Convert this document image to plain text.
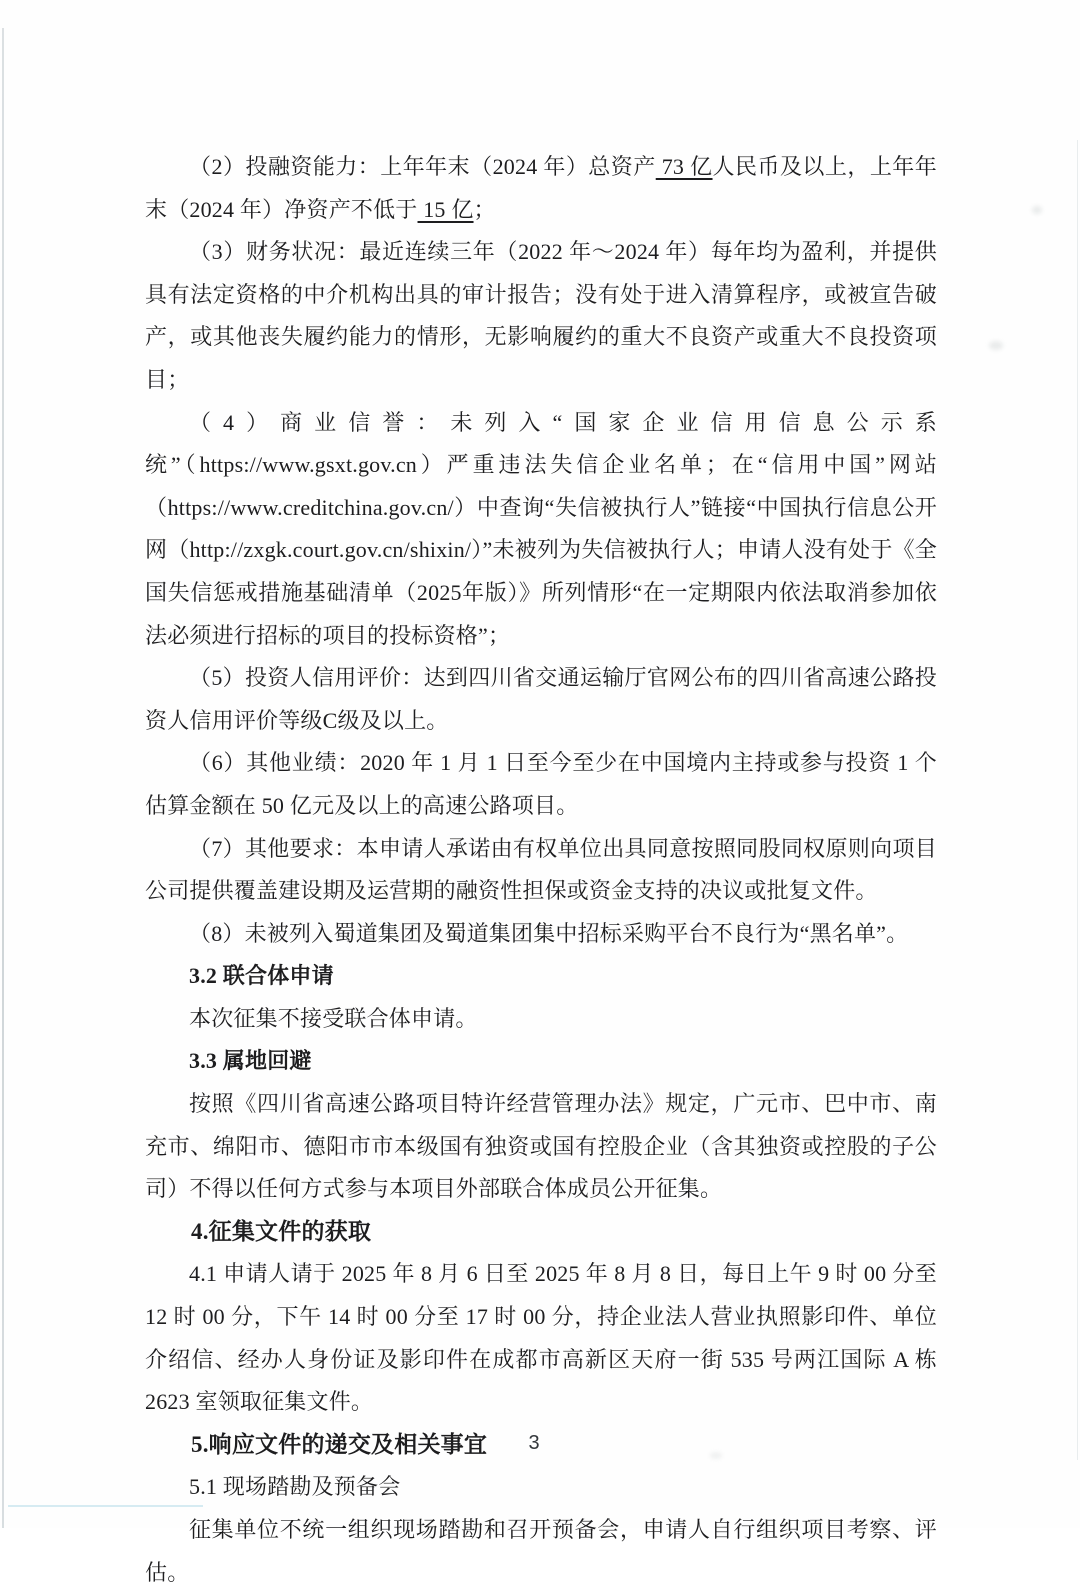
（2）投融资能力：上年年末（2024 年）总资产 73 亿人民币及以上，上年年末（2024 年）净资产不低于 15 亿；

（3）财务状况：最近连续三年（2022 年～2024 年）每年均为盈利，并提供具有法定资格的中介机构出具的审计报告；没有处于进入清算程序，或被宣告破产，或其他丧失履约能力的情形，无影响履约的重大不良资产或重大不良投资项目；

（4）商业信誉：未列入“国家企业信用信息公示系统”（https://www.gsxt.gov.cn）严重违法失信企业名单；在“信用中国”网站（https://www.creditchina.gov.cn/）中查询“失信被执行人”链接“中国执行信息公开网（http://zxgk.court.gov.cn/shixin/）”未被列为失信被执行人；申请人没有处于《全国失信惩戒措施基础清单（2025年版）》所列情形“在一定期限内依法取消参加依法必须进行招标的项目的投标资格”；

（5）投资人信用评价：达到四川省交通运输厅官网公布的四川省高速公路投资人信用评价等级C级及以上。

（6）其他业绩：2020 年 1 月 1 日至今至少在中国境内主持或参与投资 1 个估算金额在 50 亿元及以上的高速公路项目。

（7）其他要求：本申请人承诺由有权单位出具同意按照同股同权原则向项目公司提供覆盖建设期及运营期的融资性担保或资金支持的决议或批复文件。

（8）未被列入蜀道集团及蜀道集团集中招标采购平台不良行为“黑名单”。

3.2 联合体申请

本次征集不接受联合体申请。

3.3 属地回避

按照《四川省高速公路项目特许经营管理办法》规定，广元市、巴中市、南充市、绵阳市、德阳市市本级国有独资或国有控股企业（含其独资或控股的子公司）不得以任何方式参与本项目外部联合体成员公开征集。

4.征集文件的获取

4.1 申请人请于 2025 年 8 月 6 日至 2025 年 8 月 8 日，每日上午 9 时 00 分至 12 时 00 分，下午 14 时 00 分至 17 时 00 分，持企业法人营业执照影印件、单位介绍信、经办人身份证及影印件在成都市高新区天府一街 535 号两江国际 A 栋 2623 室领取征集文件。

5.响应文件的递交及相关事宜

5.1 现场踏勘及预备会

征集单位不统一组织现场踏勘和召开预备会，申请人自行组织项目考察、评估。

3
